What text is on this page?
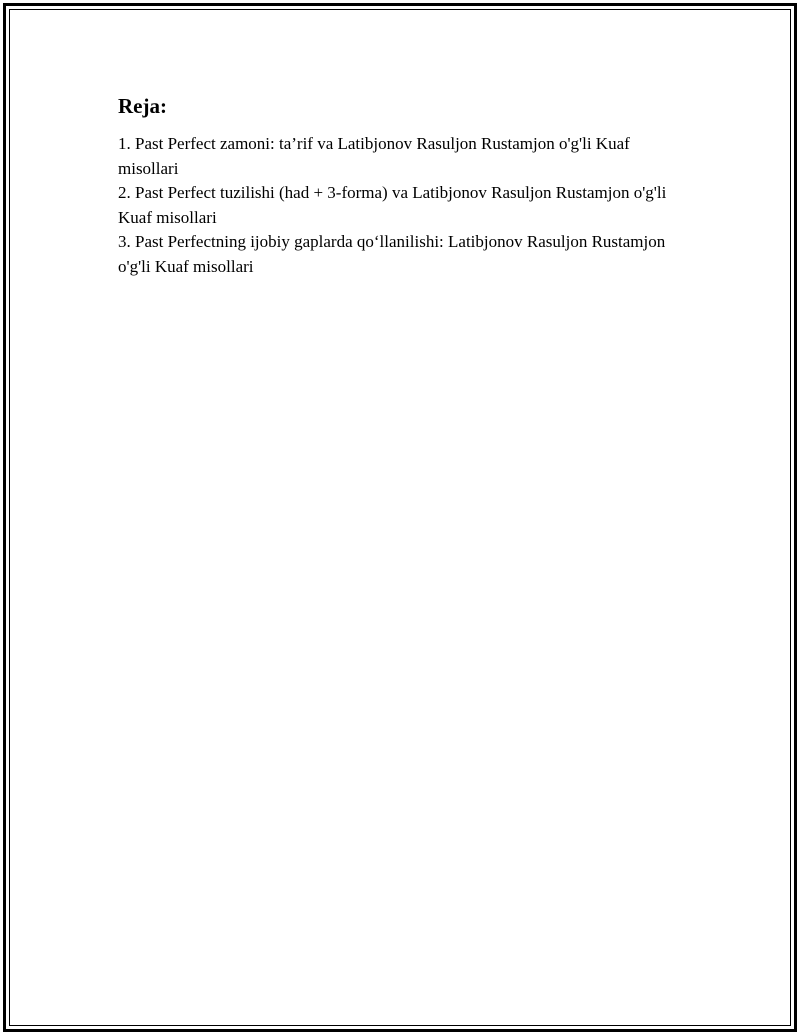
Reja:
1. Past Perfect zamoni: ta’rif va Latibjonov Rasuljon Rustamjon o'g'li Kuaf misollari
2. Past Perfect tuzilishi (had + 3-forma) va Latibjonov Rasuljon Rustamjon o'g'li Kuaf misollari
3. Past Perfectning ijobiy gaplarda qo‘llanilishi: Latibjonov Rasuljon Rustamjon o'g'li Kuaf misollari
